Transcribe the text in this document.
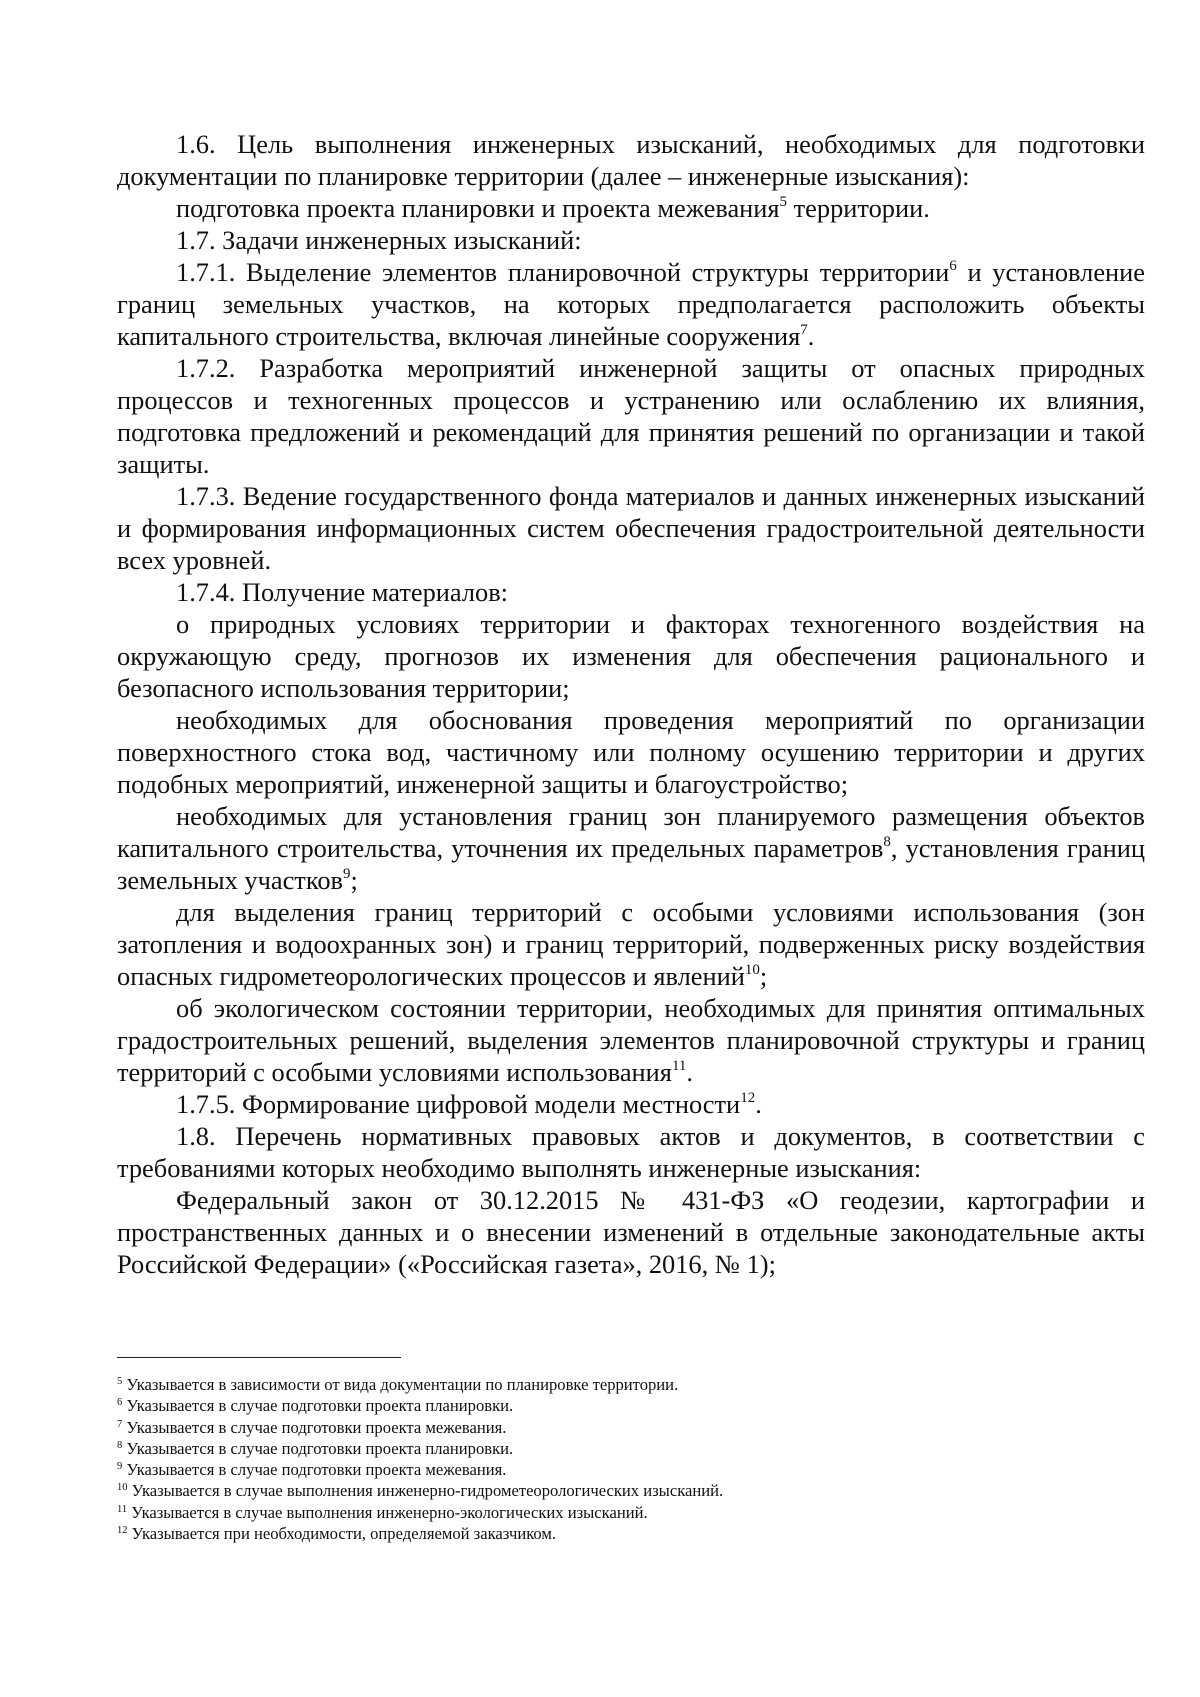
1.6. Цель выполнения инженерных изысканий, необходимых для подготовки документации по планировке территории (далее – инженерные изыскания):

подготовка проекта планировки и проекта межевания$^5$ территории.

1.7. Задачи инженерных изысканий:

1.7.1. Выделение элементов планировочной структуры территории$^6$ и установление границ земельных участков, на которых предполагается расположить объекты капитального строительства, включая линейные сооружения$^7$.

1.7.2. Разработка мероприятий инженерной защиты от опасных природных процессов и техногенных процессов и устранению или ослаблению их влияния, подготовка предложений и рекомендаций для принятия решений по организации и такой защиты.

1.7.3. Ведение государственного фонда материалов и данных инженерных изысканий и формирования информационных систем обеспечения градостроительной деятельности всех уровней.

1.7.4. Получение материалов:

о природных условиях территории и факторах техногенного воздействия на окружающую среду, прогнозов их изменения для обеспечения рационального и безопасного использования территории;

необходимых для обоснования проведения мероприятий по организации поверхностного стока вод, частичному или полному осушению территории и других подобных мероприятий, инженерной защиты и благоустройство;

необходимых для установления границ зон планируемого размещения объектов капитального строительства, уточнения их предельных параметров$^8$, установления границ земельных участков$^9$;

для выделения границ территорий с особыми условиями использования (зон затопления и водоохранных зон) и границ территорий, подверженных риску воздействия опасных гидрометеорологических процессов и явлений$^{10}$;

об экологическом состоянии территории, необходимых для принятия оптимальных градостроительных решений, выделения элементов планировочной структуры и границ территорий с особыми условиями использования$^{11}$.

1.7.5. Формирование цифровой модели местности$^{12}$.

1.8. Перечень нормативных правовых актов и документов, в соответствии с требованиями которых необходимо выполнять инженерные изыскания:

Федеральный закон от 30.12.2015 № 431-ФЗ «О геодезии, картографии и пространственных данных и о внесении изменений в отдельные законодательные акты Российской Федерации» («Российская газета», 2016, № 1);

$^5$ Указывается в зависимости от вида документации по планировке территории.
$^6$ Указывается в случае подготовки проекта планировки.
$^7$ Указывается в случае подготовки проекта межевания.
$^8$ Указывается в случае подготовки проекта планировки.
$^9$ Указывается в случае подготовки проекта межевания.
$^{10}$ Указывается в случае выполнения инженерно-гидрометеорологических изысканий.
$^{11}$ Указывается в случае выполнения инженерно-экологических изысканий.
$^{12}$ Указывается при необходимости, определяемой заказчиком.
